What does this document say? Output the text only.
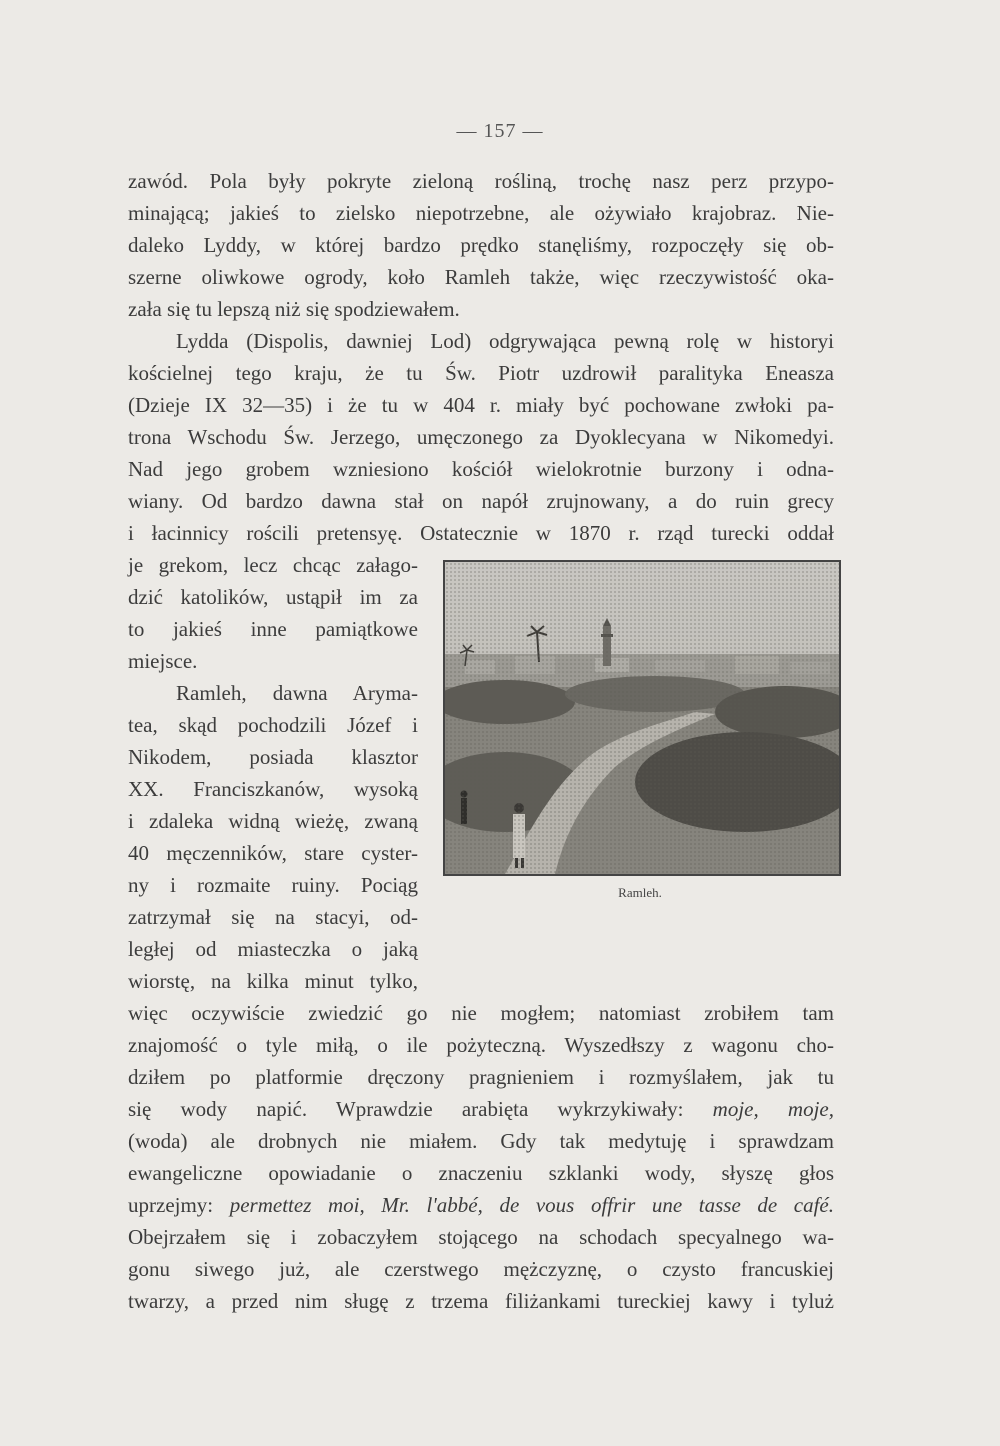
— 157 —
zawód. Pola były pokryte zieloną rośliną, trochę nasz perz przypo-
minającą; jakieś to zielsko niepotrzebne, ale ożywiało krajobraz. Nie-
daleko Lyddy, w której bardzo prędko stanęliśmy, rozpoczęły się ob-
szerne oliwkowe ogrody, koło Ramleh także, więc rzeczywistość oka-
zała się tu lepszą niż się spodziewałem.
Lydda (Dispolis, dawniej Lod) odgrywająca pewną rolę w historyi
kościelnej tego kraju, że tu Św. Piotr uzdrowił paralityka Eneasza
(Dzieje IX 32—35) i że tu w 404 r. miały być pochowane zwłoki pa-
trona Wschodu Św. Jerzego, umęczonego za Dyoklecyana w Nikomedyi.
Nad jego grobem wzniesiono kościół wielokrotnie burzony i odna-
wiany. Od bardzo dawna stał on napół zrujnowany, a do ruin grecy
i łacinnicy rościli pretensyę. Ostatecznie w 1870 r. rząd turecki oddał
je grekom, lecz chcąc załago-
dzić katolików, ustąpił im za
to jakieś inne pamiątkowe
miejsce.
Ramleh, dawna Aryma-
tea, skąd pochodzili Józef i
Nikodem, posiada klasztor
XX. Franciszkanów, wysoką
i zdaleka widną wieżę, zwaną
40 męczenników, stare cyster-
ny i rozmaite ruiny. Pociąg
zatrzymał się na stacyi, od-
ległej od miasteczka o jaką
wiorstę, na kilka minut tylko,
więc oczywiście zwiedzić go nie mogłem; natomiast zrobiłem tam
znajomość o tyle miłą, o ile pożyteczną. Wyszedłszy z wagonu cho-
dziłem po platformie dręczony pragnieniem i rozmyślałem, jak tu
się wody napić. Wprawdzie arabięta wykrzykiwały: moje, moje,
(woda) ale drobnych nie miałem. Gdy tak medytuję i sprawdzam
ewangeliczne opowiadanie o znaczeniu szklanki wody, słyszę głos
uprzejmy: permettez moi, Mr. l'abbé, de vous offrir une tasse de café.
Obejrzałem się i zobaczyłem stojącego na schodach specyalnego wa-
gonu siwego już, ale czerstwego mężczyznę, o czysto francuskiej
twarzy, a przed nim sługę z trzema filiżankami tureckiej kawy i tyluż
Ramleh.
